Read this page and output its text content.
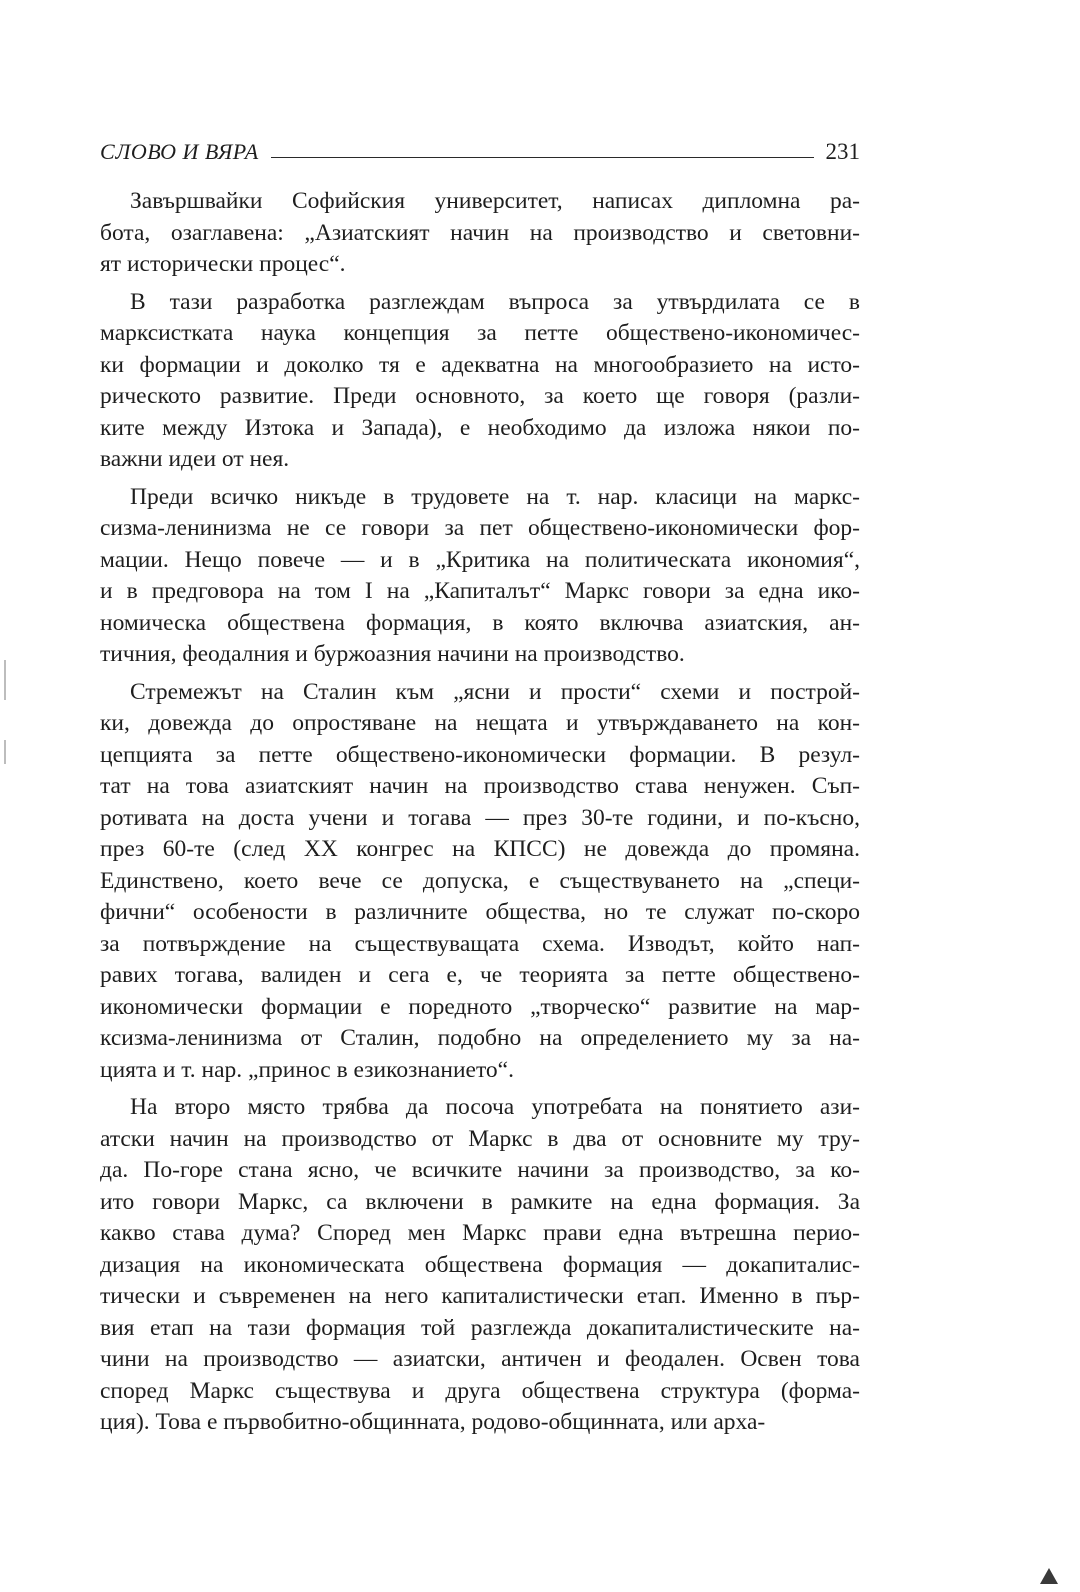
СЛОВО И ВЯРА	231
Завършвайки Софийския университет, написах дипломна ра-
бота, озаглавена: „Азиатският начин на производство и световни-
ят исторически процес“.
В тази разработка разглеждам въпроса за утвърдилата се в
марксистката наука концепция за петте обществено-икономичес-
ки формации и доколко тя е адекватна на многообразието на исто-
рическото развитие. Преди основното, за което ще говоря (разли-
ките между Изтока и Запада), е необходимо да изложа някои по-
важни идеи от нея.
Преди всичко никъде в трудовете на т. нар. класици на маркс-
сизма-ленинизма не се говори за пет обществено-икономически фор-
мации. Нещо повече — и в „Критика на политическата икономия“,
и в предговора на том I на „Капиталът“ Маркс говори за една ико-
номическа обществена формация, в която включва азиатския, ан-
тичния, феодалния и буржоазния начини на производство.
Стремежът на Сталин към „ясни и прости“ схеми и построй-
ки, довежда до опростяване на нещата и утвърждаването на кон-
цепцията за петте обществено-икономически формации. В резул-
тат на това азиатският начин на производство става ненужен. Съп-
ротивата на доста учени и тогава — през 30-те години, и по-късно,
през 60-те (след XX конгрес на КПСС) не довежда до промяна.
Единствено, което вече се допуска, е съществуването на „специ-
фични“ особености в различните общества, но те служат по-скоро
за потвърждение на съществуващата схема. Изводът, който нап-
равих тогава, валиден и сега е, че теорията за петте обществено-
икономически формации е поредното „творческо“ развитие на мар-
ксизма-ленинизма от Сталин, подобно на определението му за на-
цията и т. нар. „принос в езикознанието“.
На второ място трябва да посоча употребата на понятието ази-
атски начин на производство от Маркс в два от основните му тру-
да. По-горе стана ясно, че всичките начини за производство, за ко-
ито говори Маркс, са включени в рамките на една формация. За
какво става дума? Според мен Маркс прави една вътрешна перио-
дизация на икономическата обществена формация — докапиталис-
тически и съвременен на него капиталистически етап. Именно в пър-
вия етап на тази формация той разглежда докапиталистическите на-
чини на производство — азиатски, античен и феодален. Освен това
според Маркс съществува и друга обществена структура (форма-
ция). Това е първобитно-общинната, родово-общинната, или арха-
